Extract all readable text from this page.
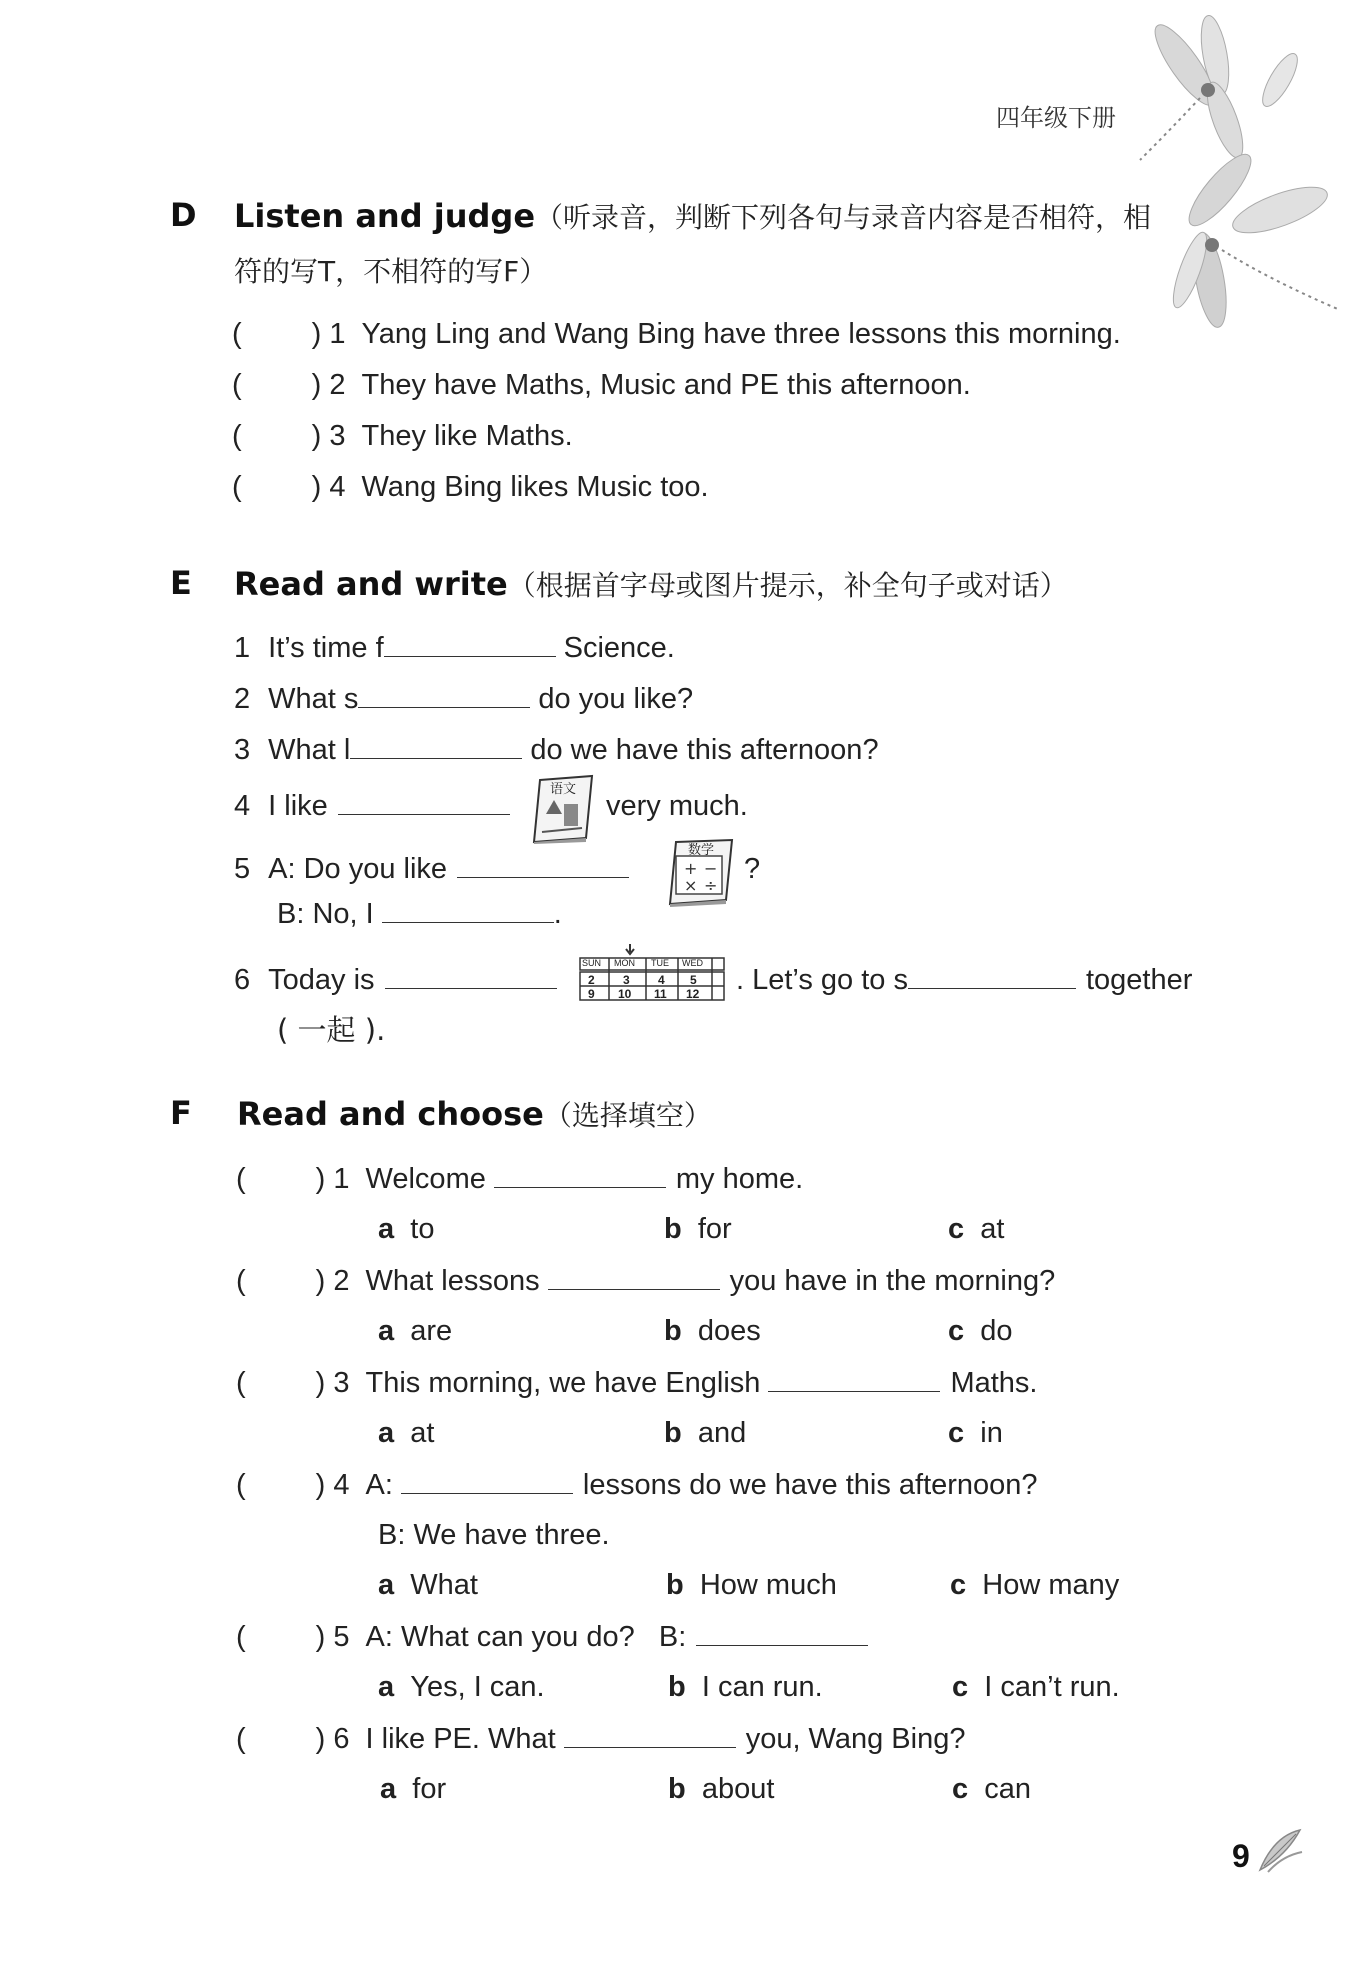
四年级下册
D Listen and judge（听录音，判断下列各句与录音内容是否相符，相
符的写T，不相符的写F）
( ) 1 Yang Ling and Wang Bing have three lessons this morning.
( ) 2 They have Maths, Music and PE this afternoon.
( ) 3 They like Maths.
( ) 4 Wang Bing likes Music too.
E Read and write（根据首字母或图片提示，补全句子或对话）
1 It’s time f	Science.
2 What s	do you like?
3 What l	do we have this afternoon?
4 I like
语文
very much.
5 A: Do you like	+ −
× ÷
数学
?
B: No, I	.
6 Today is
SUN MON TUE WED
2 3 4 5
9 10 11 12 . Let’s go to s	together
( 一起 ).
F Read and choose（选择填空）
( ) 1 Welcome	my home.
a to	b for	c at
( ) 2 What lessons	you have in the morning?
a are	b does	c do
( ) 3 This morning, we have English	Maths.
a at	b and	c in
( ) 4 A:	lessons do we have this afternoon?
B: We have three.
a What	b How much	c How many
( ) 5 A: What can you do?   B:
a Yes, I can.	b I can run.	c I can’t run.
( ) 6 I like PE. What	you, Wang Bing?
a for	b about	c can
9
